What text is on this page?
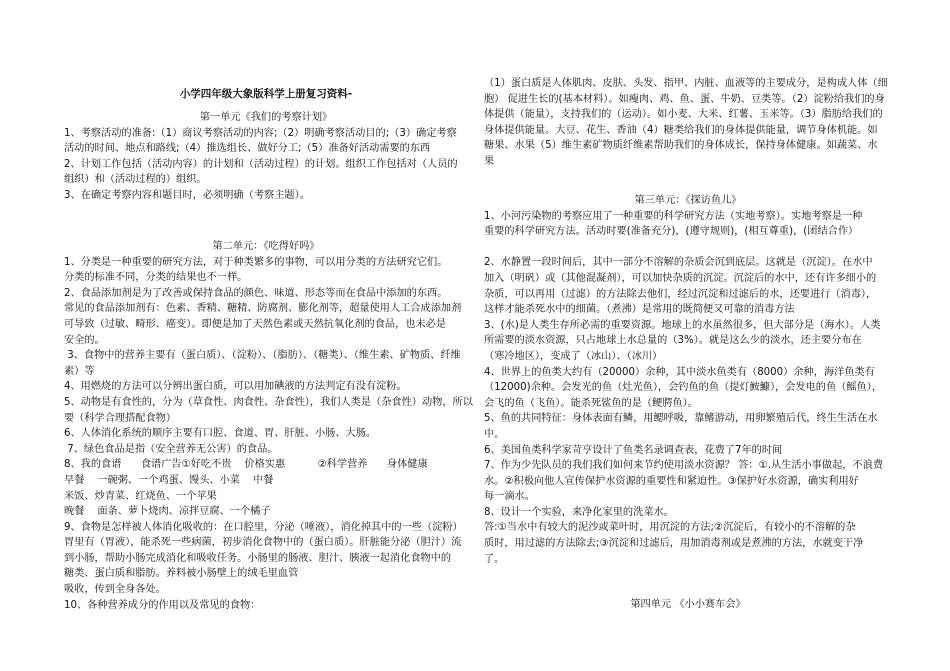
小学四年级大象版科学上册复习资料-

第一单元《我们的考察计划》

1、考察活动的准备:（1）商议考察活动的内容;（2）明确考察活动目的;（3）确定考察

活动的时间、地点和路线;（4）推选组长、做好分工;（5）准备好活动需要的东西

2、计划工作包括（活动内容）的计划和（活动过程）的计划。组织工作包括对（人员的

组织）和（活动过程的）组织。

3、在确定考察内容和题目时，必须明确（考察主题）。

第二单元：《吃得好吗》

1、分类是一种重要的研究方法，对于种类繁多的事物，可以用分类的方法研究它们。

分类的标准不同，分类的结果也不一样。

2、食品添加剂是为了改善或保持食品的颜色、味道、形态等而在食品中添加的东西。

常见的食品添加剂有：色素、香精、糖精、防腐剂、膨化剂等，超量使用人工合成添加剂

可导致（过敏、畸形、癌变）。即便是加了天然色素或天然抗氧化剂的食品，也未必是

安全的。

3、食物中的营养主要有（蛋白质）、（淀粉）、（脂肪）、（糖类）、（维生素、矿物质、纤维

素）等

4、用燃烧的方法可以分辨出蛋白质，可以用加碘液的方法判定有没有淀粉。

5、动物是有食性的，分为（草食性、肉食性、杂食性），我们人类是（杂食性）动物，所以

要（科学合理搭配食物）

6、人体消化系统的顺序主要有口腔、食道、胃、肝脏、小肠、大肠。

7、绿色食品是指（安全营养无公害）的食品。

8、我的食谱      食谱广告①好吃不贵    价格实惠          ②科学营养      身体健康

早餐    一碗粥、一个鸡蛋、馒头、小菜    中餐

米饭、炒青菜、红烧鱼、一个苹果

晚餐    面条、萝卜烧肉、凉拌豆腐、一个橘子

9、食物是怎样被人体消化吸收的：在口腔里，分泌（唾液），消化掉其中的一些（淀粉）

胃里有（胃液），能杀死一些病菌，初步消化食物中的（蛋白质）。肝脏能分泌（胆汁）流

到小肠，帮助小肠完成消化和吸收任务。小肠里的肠液、胆汁、胰液一起消化食物中的

糖类、蛋白质和脂肪。养料被小肠壁上的绒毛里血管

吸收，传到全身各处。

10、各种营养成分的作用以及常见的食物：

（1）蛋白质是人体肌肉、皮肤、头发、指甲、内脏、血液等的主要成分，是构成人体（细

胞） 促进生长的(基本材料）。如瘦肉、鸡、鱼、蛋、牛奶、豆类等。（2）淀粉给我们的身

体提供（能量），支持我们的（运动）。如小麦、大米、红薯、玉米等。（3）脂肪给我们的

身体提供能量。大豆、花生、香油（4）糖类给我们的身体提供能量，调节身体机能。如

糖果、水果（5）维生素矿物质纤维素帮助我们的身体成长，保持身体健康。如蔬菜、水

果

第三单元：《探访鱼儿》

1、小河污染物的考察应用了一种重要的科学研究方法（实地考察）。实地考察是一种

重要的科学研究方法。活动时要(准备充分)，(遵守规则)，(相互尊重)，(团结合作）

2、水静置一段时间后，其中一部分不溶解的杂质会沉到底层。这就是（沉淀）。在水中

加入（明矾）或（其他混凝剂），可以加快杂质的沉淀。沉淀后的水中，还有许多细小的

杂质，可以再用（过滤）的方法除去他们，经过沉淀和过滤后的水，还要进行（消毒），

这样才能杀死水中的细菌。（煮沸）是常用的既简便又可靠的消毒方法

3、(水)是人类生存所必需的重要资源。地球上的水虽然很多，但大部分是（海水）。人类

所需要的淡水资源，只占地球上水总量的（3%）。就是这么少的淡水，还主要分布在

（寒冷地区），变成了（冰山）、（冰川）

4、世界上的鱼类大约有（20000）余种，其中淡水鱼类有（8000）余种，海洋鱼类有

（12000)余种。会发光的鱼（灶光鱼），会钓鱼的鱼（提灯鮟鱇），会发电的鱼（鳐鱼），

会飞的鱼（飞鱼）。能杀死鲨鱼的是（鲠腭鱼）。

5、鱼的共同特征：身体表面有鳞，用鳃呼吸，靠鳍游动，用卵繁殖后代，终生生活在水

中。

6、美国鱼类科学家苛亨设计了鱼类名录调查表，花费了7年的时间

7、作为少先队员的我们我们如何来节约使用淡水资源？ 答：①.从生活小事做起，不浪费

水。②积极向他人宣传保护水资源的重要性和紧迫性。③保护好水资源，确实利用好

每一滴水。

8、设计一个实验，来净化家里的洗菜水。

答:①当水中有较大的泥沙或菜叶时，用沉淀的方法;②沉淀后，有较小的不溶解的杂

质时，用过滤的方法除去;③沉淀和过滤后，用加消毒剂或是煮沸的方法，水就变干净

了。

第四单元 《小小赛车会》
